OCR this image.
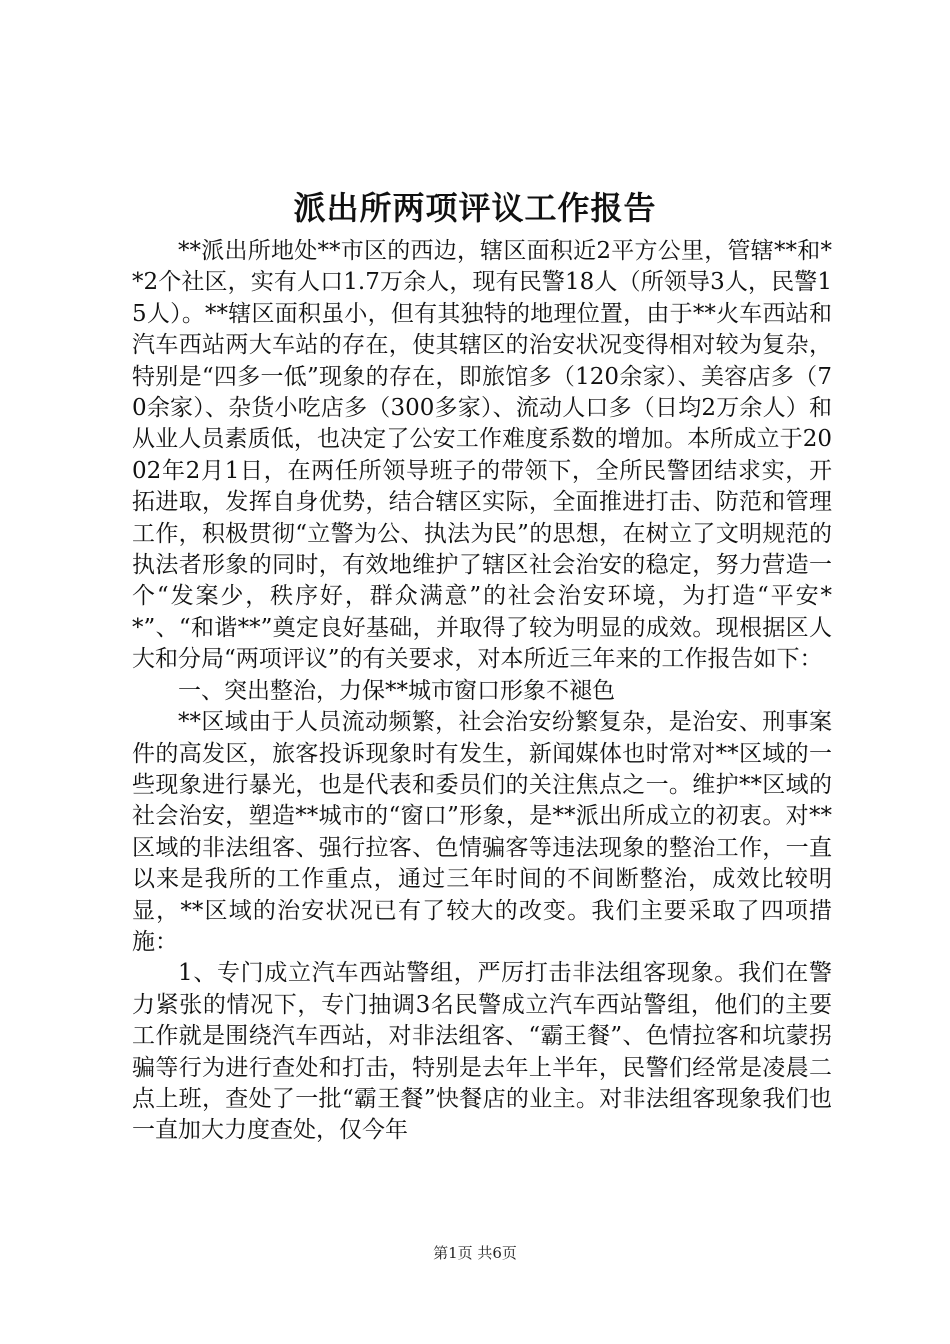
派出所两项评议工作报告

**派出所地处**市区的西边，辖区面积近2平方公里，管辖**和**2个社区，实有人口1.7万余人，现有民警18人（所领导3人，民警15人）。**辖区面积虽小，但有其独特的地理位置，由于**火车西站和汽车西站两大车站的存在，使其辖区的治安状况变得相对较为复杂，特别是“四多一低”现象的存在，即旅馆多（120余家）、美容店多（70余家）、杂货小吃店多（300多家）、流动人口多（日均2万余人）和从业人员素质低，也决定了公安工作难度系数的增加。本所成立于2002年2月1日，在两任所领导班子的带领下，全所民警团结求实，开拓进取，发挥自身优势，结合辖区实际，全面推进打击、防范和管理工作，积极贯彻“立警为公、执法为民”的思想，在树立了文明规范的执法者形象的同时，有效地维护了辖区社会治安的稳定，努力营造一个“发案少，秩序好，群众满意”的社会治安环境，为打造“平安**”、“和谐**”奠定良好基础，并取得了较为明显的成效。现根据区人大和分局“两项评议”的有关要求，对本所近三年来的工作报告如下：

一、突出整治，力保**城市窗口形象不褪色

**区域由于人员流动频繁，社会治安纷繁复杂，是治安、刑事案件的高发区，旅客投诉现象时有发生，新闻媒体也时常对**区域的一些现象进行暴光，也是代表和委员们的关注焦点之一。维护**区域的社会治安，塑造**城市的“窗口”形象，是**派出所成立的初衷。对**区域的非法组客、强行拉客、色情骗客等违法现象的整治工作，一直以来是我所的工作重点，通过三年时间的不间断整治，成效比较明显，**区域的治安状况已有了较大的改变。我们主要采取了四项措施：

1、专门成立汽车西站警组，严厉打击非法组客现象。我们在警力紧张的情况下，专门抽调3名民警成立汽车西站警组，他们的主要工作就是围绕汽车西站，对非法组客、“霸王餐”、色情拉客和坑蒙拐骗等行为进行查处和打击，特别是去年上半年，民警们经常是凌晨二点上班，查处了一批“霸王餐”快餐店的业主。对非法组客现象我们也一直加大力度查处，仅今年

第1页 共6页
